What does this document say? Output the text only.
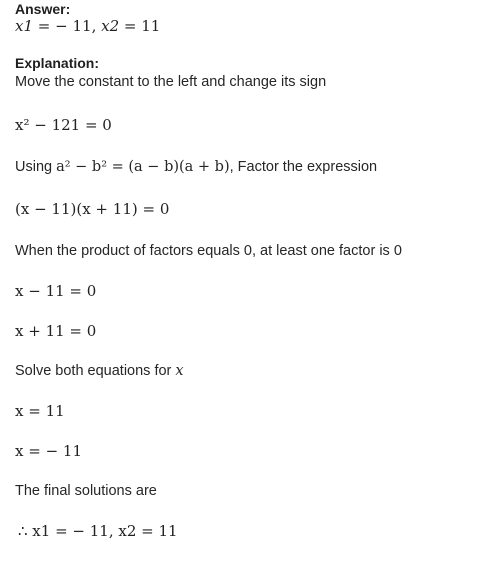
Answer:
x1 = − 11, x2 = 11
Explanation:
Move the constant to the left and change its sign
x² − 121 = 0
Using a² − b² = (a − b)(a + b), Factor the expression
(x − 11)(x + 11) = 0
When the product of factors equals 0, at least one factor is 0
x − 11 = 0
x + 11 = 0
Solve both equations for x
x = 11
x = − 11
The final solutions are
∴ x1 = − 11, x2 = 11
